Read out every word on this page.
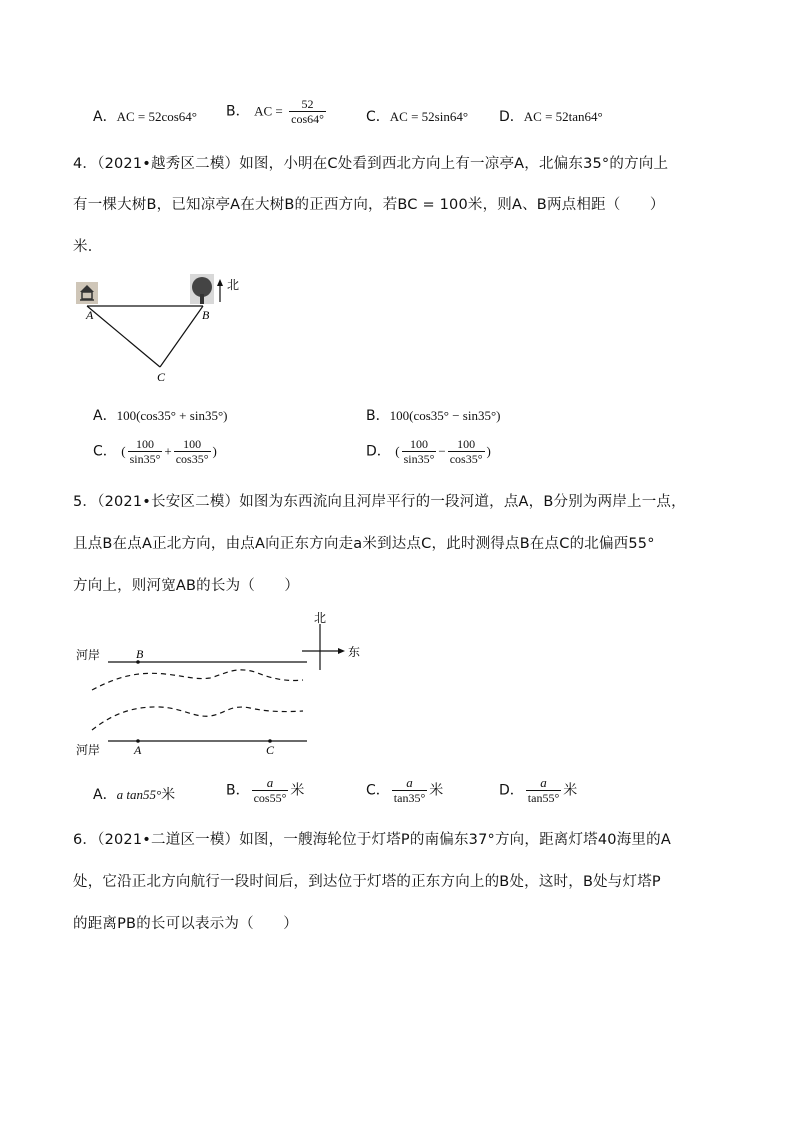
A．AC = 52cos64° B． AC = $\frac{52}{\cos 64^\circ}$	C．AC = 52sin64° D．AC = 52tan64°
4．（2021•越秀区二模）如图，小明在C处看到西北方向上有一凉亭A，北偏东35°的方向上
有一棵大树B，已知凉亭A在大树B的正西方向，若BC = 100米，则A、B两点相距（　　）
米．
北
A	B
C
A．100(cos35° + sin35°)	B．100(cos35° − sin35°)
C． ( $\frac{100}{\sin 35^\circ} + \frac{100}{\cos 35^\circ}$ )	D． ( $\frac{100}{\sin 35^\circ} - \frac{100}{\cos 35^\circ}$ )
5．（2021•长安区二模）如图为东西流向且河岸平行的一段河道，点A，B分别为两岸上一点，
且点B在点A正北方向，由点A向正东方向走a米到达点C，此时测得点B在点C的北偏西55°
方向上，则河宽AB的长为（　　）
北
东
河岸	B
河岸	A	C
A．a tan55°米	B． $\frac{a}{\cos 55^\circ}$ 米	C． $\frac{a}{\tan 35^\circ}$ 米	D． $\frac{a}{\tan 55^\circ}$ 米
6．（2021•二道区一模）如图，一艘海轮位于灯塔P的南偏东37°方向，距离灯塔40海里的A
处，它沿正北方向航行一段时间后，到达位于灯塔的正东方向上的B处，这时，B处与灯塔P
的距离PB的长可以表示为（　　）
